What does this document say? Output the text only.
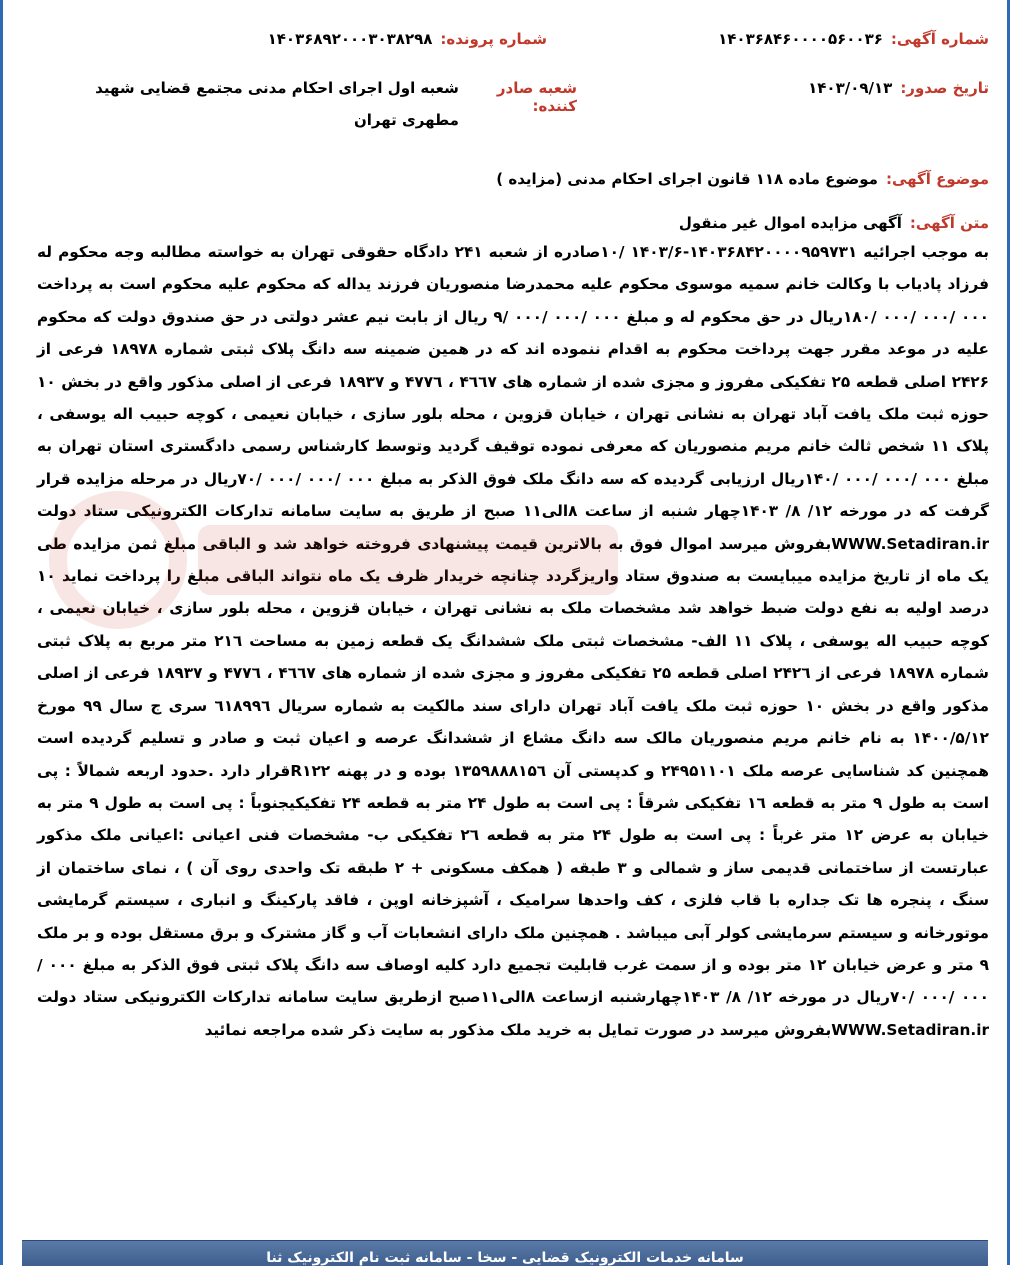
شماره آگهی:
۱۴۰۳۶۸۴۶۰۰۰۰۵۶۰۰۳۶
شماره پرونده:
۱۴۰۳۶۸۹۲۰۰۰۳۰۳۸۲۹۸
تاریخ صدور:
۱۴۰۳/۰۹/۱۳
شعبه صادر کننده:
شعبه اول اجرای احکام مدنی مجتمع قضایی شهید مطهری تهران
موضوع آگهی:
موضوع ماده ۱۱۸ قانون اجرای احکام مدنی (مزایده )
متن آگهی:
آگهی مزایده اموال غیر منقول
به موجب اجرائیه ۱۴۰۳۶۸۴۲۰۰۰۰۹۵۹۷۳۱-۱۴۰۳/۶ /۱۰صادره از شعبه ۲۴۱ دادگاه حقوقی تهران به خواسته مطالبه وجه محکوم له فرزاد پادیاب با وکالت خانم سمیه موسوی محکوم علیه محمدرضا منصوریان فرزند یداله که محکوم علیه محکوم است به پرداخت ۰۰۰ /۰۰۰ /۰۰۰ /۱۸۰ریال در حق محکوم له و مبلغ ۰۰۰ /۰۰۰ /۰۰۰ /۹ ریال از بابت نیم عشر دولتی در حق صندوق دولت که محکوم علیه در موعد مقرر جهت پرداخت محکوم به اقدام ننموده اند که در همین ضمینه سه دانگ پلاک ثبتی شماره ۱۸۹۷۸ فرعی از ۲۴۲۶ اصلی قطعه ۲۵ تفکیکی مفروز و مجزی شده از شماره های ۴٦٦٧ ، ۴۷۷٦ و ۱۸۹۳۷ فرعی از اصلی مذکور واقع در بخش ۱۰ حوزه ثبت ملک یافت آباد تهران به نشانی تهران ، خیابان قزوین ، محله بلور سازی ، خیابان نعیمی ، کوچه حبیب اله یوسفی ، پلاک ۱۱ شخص ثالث خانم مریم منصوریان که معرفی نموده توقیف گردید وتوسط کارشناس رسمی دادگستری استان تهران به مبلغ ۰۰۰ /۰۰۰ /۰۰۰ /۱۴۰ریال ارزیابی گردیده که سه دانگ ملک فوق الذکر به مبلغ ۰۰۰ /۰۰۰ /۰۰۰ /۷۰ریال در مرحله مزایده قرار گرفت که در مورخه ۱۲/ ۸/ ۱۴۰۳چهار شنبه از ساعت ۸الی۱۱ صبح از طریق به سایت سامانه تدارکات الکترونیکی ستاد دولت WWW.Setadiran.irبفروش میرسد اموال فوق به بالاترین قیمت پیشنهادی فروخته خواهد شد و الباقی مبلغ ثمن مزایده طی یک ماه از تاریخ مزایده میبایست به صندوق ستاد واریزگردد چنانچه خریدار ظرف یک ماه نتواند الباقی مبلغ را پرداخت نماید ۱۰ درصد اولیه به نفع دولت ضبط خواهد شد مشخصات ملک به نشانی تهران ، خیابان قزوین ، محله بلور سازی ، خیابان نعیمی ، کوچه حبیب اله یوسفی ، پلاک ۱۱ الف- مشخصات ثبتی ملک ششدانگ یک قطعه زمین به مساحت ۲۱٦ متر مربع به پلاک ثبتی شماره ۱۸۹۷۸ فرعی از ۲۴۲٦ اصلی قطعه ۲۵ تفکیکی مفروز و مجزی شده از شماره های ۴٦٦۷ ، ۴۷۷٦ و ۱۸۹۳۷ فرعی از اصلی مذکور واقع در بخش ۱۰ حوزه ثبت ملک یافت آباد تهران دارای سند مالکیت به شماره سریال ٦۱۸۹۹٦ سری ج سال ۹۹ مورخ ۱۴۰۰/۵/۱۲ به نام خانم مریم منصوریان مالک سه دانگ مشاع از ششدانگ عرصه و اعیان ثبت و صادر و تسلیم گردیده است همچنین کد شناسایی عرصه ملک ۲۴۹۵۱۱۰۱ و کدپستی آن ۱۳۵۹۸۸۸۱۵٦ بوده و در پهنه R۱۲۲قرار دارد .حدود اربعه شمالاً : پی است به طول ۹ متر به قطعه ۱٦ تفکیکی شرقاً : پی است به طول ۲۴ متر به قطعه ۲۴ تفکیکیجنوباً : پی است به طول ۹ متر به خیابان به عرض ۱۲ متر غرباً : پی است به طول ۲۴ متر به قطعه ۲٦ تفکیکی ب- مشخصات فنی اعیانی :اعیانی ملک مذکور عبارتست از ساختمانی قدیمی ساز و شمالی و ۳ طبقه ( همکف مسکونی + ۲ طبقه تک واحدی روی آن ) ، نمای ساختمان از سنگ ، پنجره ها تک جداره با قاب فلزی ، کف واحدها سرامیک ، آشپزخانه اوپن ، فاقد پارکینگ و انباری ، سیستم گرمایشی موتورخانه و سیستم سرمایشی کولر آبی میباشد . همچنین ملک دارای انشعابات آب و گاز مشترک و برق مستقل بوده و بر ملک ۹ متر و عرض خیابان ۱۲ متر بوده و از سمت غرب قابلیت تجمیع دارد کلیه اوصاف سه دانگ پلاک ثبتی فوق الذکر به مبلغ ۰۰۰ /۰۰۰ /۰۰۰ /۷۰ریال در مورخه ۱۲/ ۸/ ۱۴۰۳چهارشنبه ازساعت ۸الی۱۱صبح ازطریق سایت سامانه تدارکات الکترونیکی ستاد دولت WWW.Setadiran.irبفروش میرسد در صورت تمایل به خرید ملک مذکور به سایت ذکر شده مراجعه نمائید
سامانه خدمات الکترونیک قضایی - سخا - سامانه ثبت نام الکترونیک ثنا
